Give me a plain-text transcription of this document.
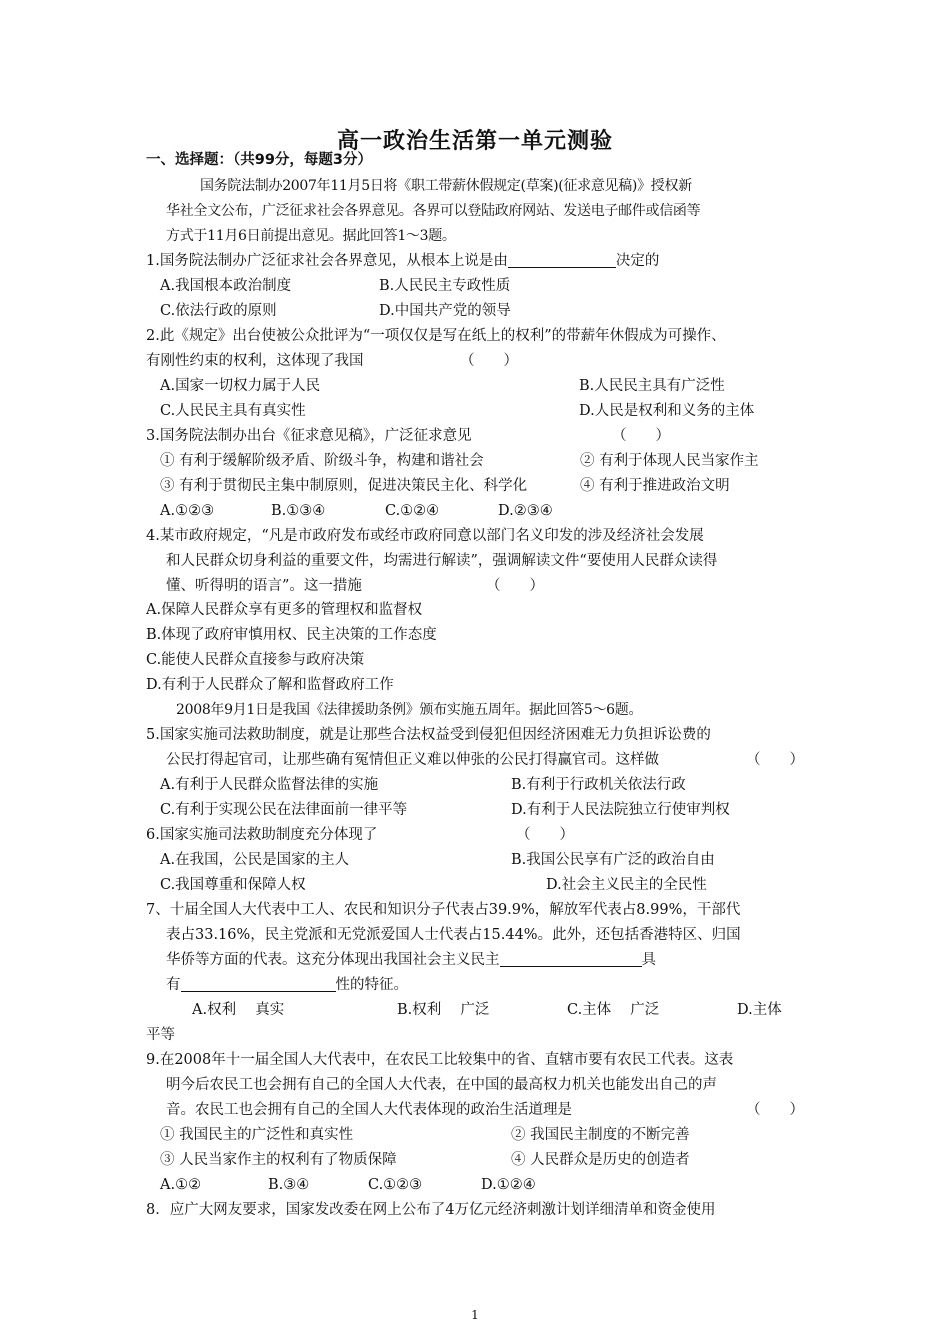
高一政治生活第一单元测验
一、选择题：（共99分，每题3分）
国务院法制办2007年11月5日将《职工带薪休假规定(草案)(征求意见稿)》授权新
华社全文公布，广泛征求社会各界意见。各界可以登陆政府网站、发送电子邮件或信函等
方式于11月6日前提出意见。据此回答1～3题。
1.国务院法制办广泛征求社会各界意见，从根本上说是由	决定的
A.我国根本政治制度	B.人民民主专政性质
C.依法行政的原则	D.中国共产党的领导
2.此《规定》出台使被公众批评为“一项仅仅是写在纸上的权利”的带薪年休假成为可操作、
有刚性约束的权利，这体现了我国	（　　）
A.国家一切权力属于人民	B.人民民主具有广泛性
C.人民民主具有真实性	D.人民是权利和义务的主体
3.国务院法制办出台《征求意见稿》，广泛征求意见	（　　）
① 有利于缓解阶级矛盾、阶级斗争，构建和谐社会	② 有利于体现人民当家作主
③ 有利于贯彻民主集中制原则，促进决策民主化、科学化	④ 有利于推进政治文明
A.①②③	B.①③④	C.①②④	D.②③④
4.某市政府规定，“凡是市政府发布或经市政府同意以部门名义印发的涉及经济社会发展
和人民群众切身利益的重要文件，均需进行解读”，强调解读文件“要使用人民群众读得
懂、听得明的语言”。这一措施	（　　）
A.保障人民群众享有更多的管理权和监督权
B.体现了政府审慎用权、民主决策的工作态度
C.能使人民群众直接参与政府决策
D.有利于人民群众了解和监督政府工作
2008年9月1日是我国《法律援助条例》颁布实施五周年。据此回答5～6题。
5.国家实施司法救助制度，就是让那些合法权益受到侵犯但因经济困难无力负担诉讼费的
公民打得起官司，让那些确有冤情但正义难以伸张的公民打得赢官司。这样做	（　　）
A.有利于人民群众监督法律的实施	B.有利于行政机关依法行政
C.有利于实现公民在法律面前一律平等	D.有利于人民法院独立行使审判权
6.国家实施司法救助制度充分体现了	（　　）
A.在我国，公民是国家的主人	B.我国公民享有广泛的政治自由
C.我国尊重和保障人权	D.社会主义民主的全民性
7、十届全国人大代表中工人、农民和知识分子代表占39.9%，解放军代表占8.99%，干部代
表占33.16%，民主党派和无党派爱国人士代表占15.44%。此外，还包括香港特区、归国
华侨等方面的代表。这充分体现出我国社会主义民主	具
有	性的特征。
A.权利　 真实	B.权利　 广泛	C.主体　 广泛	D.主体
平等
9.在2008年十一届全国人大代表中，在农民工比较集中的省、直辖市要有农民工代表。这表
明今后农民工也会拥有自己的全国人大代表，在中国的最高权力机关也能发出自己的声
音。农民工也会拥有自己的全国人大代表体现的政治生活道理是	（　　）
① 我国民主的广泛性和真实性	② 我国民主制度的不断完善
③ 人民当家作主的权利有了物质保障	④ 人民群众是历史的创造者
A.①②	B.③④	C.①②③	D.①②④
8．应广大网友要求，国家发改委在网上公布了4万亿元经济刺激计划详细清单和资金使用
1
